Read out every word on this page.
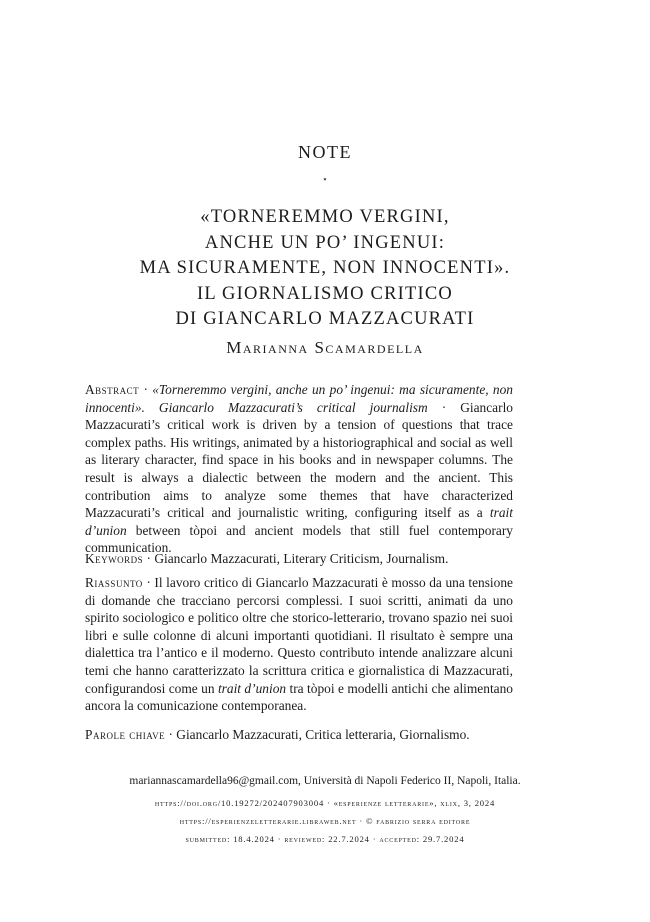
NOTE
⋆
«TORNEREMMO VERGINI,
ANCHE UN PO’ INGENUI:
MA SICURAMENTE, NON INNOCENTI».
IL GIORNALISMO CRITICO
DI GIANCARLO MAZZACURATI
Marianna Scamardella
Abstract · «Torneremmo vergini, anche un po’ ingenui: ma sicuramente, non innocenti». Giancarlo Mazzacurati’s critical journalism · Giancarlo Mazzacurati’s critical work is driven by a tension of questions that trace complex paths. His writings, animated by a historiographical and social as well as literary character, find space in his books and in newspaper columns. The result is always a dialectic between the modern and the ancient. This contribution aims to analyze some themes that have characterized Mazzacurati’s critical and journalistic writing, configuring itself as a trait d’union between tòpoi and ancient models that still fuel contemporary communication.
Keywords · Giancarlo Mazzacurati, Literary Criticism, Journalism.
Riassunto · Il lavoro critico di Giancarlo Mazzacurati è mosso da una tensione di domande che tracciano percorsi complessi. I suoi scritti, animati da uno spirito sociologico e politico oltre che storico-letterario, trovano spazio nei suoi libri e sulle colonne di alcuni importanti quotidiani. Il risultato è sempre una dialettica tra l’antico e il moderno. Questo contributo intende analizzare alcuni temi che hanno caratterizzato la scrittura critica e giornalistica di Mazzacurati, configurandosi come un trait d’union tra tòpoi e modelli antichi che alimentano ancora la comunicazione contemporanea.
Parole chiave · Giancarlo Mazzacurati, Critica letteraria, Giornalismo.
mariannascamardella96@gmail.com, Università di Napoli Federico II, Napoli, Italia.
https://doi.org/10.19272/202407903004 · «esperienze letterarie», xlix, 3, 2024
https://esperienzeletterarie.libraweb.net · © fabrizio serra editore
submitted: 18.4.2024 · reviewed: 22.7.2024 · accepted: 29.7.2024
